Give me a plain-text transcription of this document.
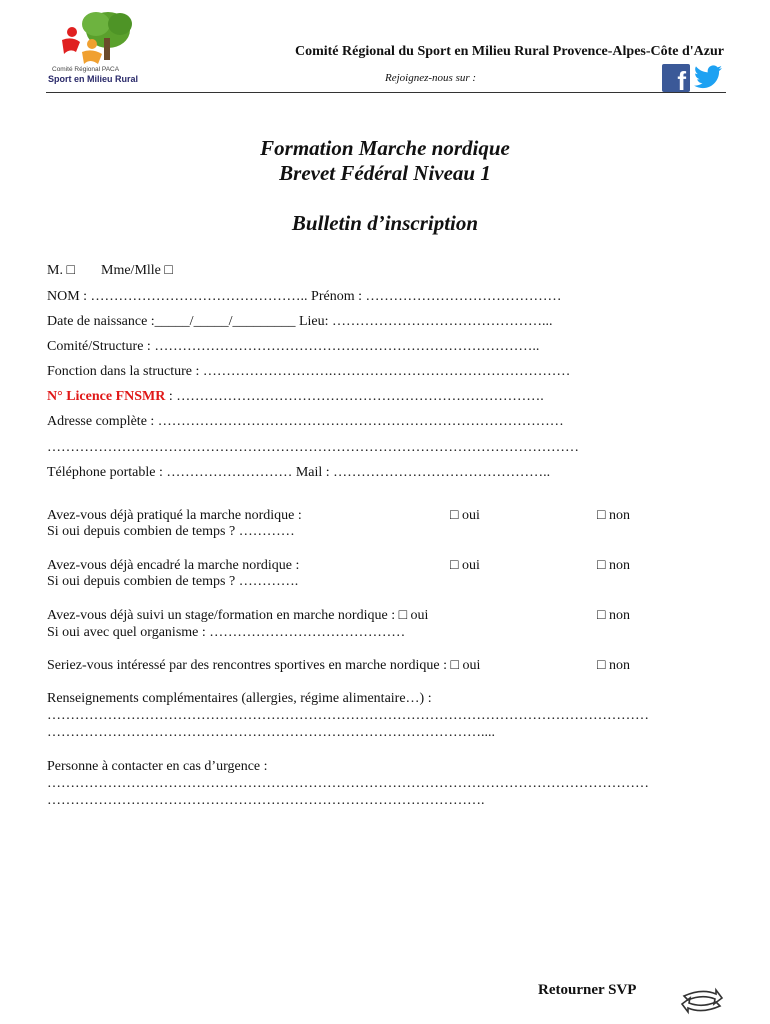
Comité Régional PACA
Sport en Milieu Rural
Comité Régional du Sport en Milieu Rural Provence-Alpes-Côte d'Azur
Rejoignez-nous sur :	f
Formation Marche nordique
Brevet Fédéral Niveau 1
Bulletin d’inscription
M. □ Mme/Mlle □
NOM : ……………………………………….. Prénom : ……………………………………
Date de naissance :_____/_____/_________ Lieu: ………………………………………...
Comité/Structure : ………………………………………………………………………..
Fonction dans la structure : ……………………….……………………………………………
N° Licence FNSMR : …………………………………………………………………….
Adresse complète : ……………………………………………………………………………
……………………………………………………………………………………………………
Téléphone portable : ……………………… Mail : ………………………………………..
Avez-vous déjà pratiqué la marche nordique :	□ oui	□ non
Si oui depuis combien de temps ? …………
Avez-vous déjà encadré la marche nordique :	□ oui	□ non
Si oui depuis combien de temps ? ………….
Avez-vous déjà suivi un stage/formation en marche nordique : □ oui	□ non
Si oui avec quel organisme : ……………………………………
Seriez-vous intéressé par des rencontres sportives en marche nordique : □ oui	□ non
Renseignements complémentaires (allergies, régime alimentaire…) :
…………………………………………………………………………………………………………………
…………………………………………………………………………………....
Personne à contacter en cas d’urgence :
…………………………………………………………………………………………………………………
………………………………………………………………………………….
Retourner SVP
